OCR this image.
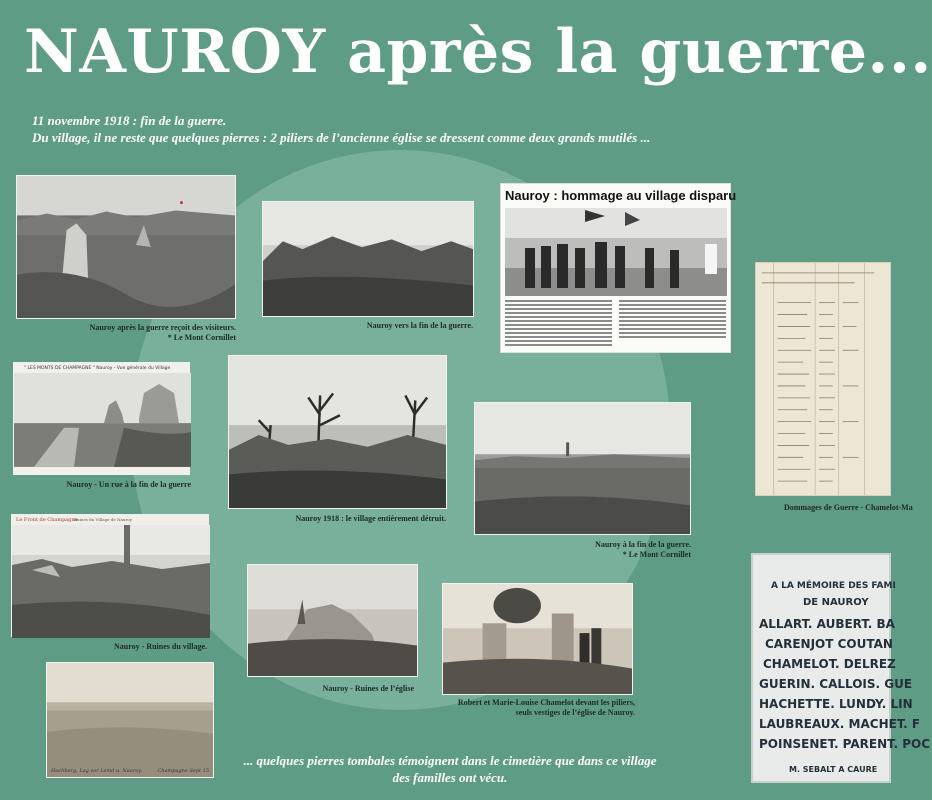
NAUROY après la guerre...
11 novembre 1918 : fin de la guerre.
Du village, il ne reste que quelques pierres : 2 piliers de l’ancienne église se dressent comme deux grands mutilés ...
Nauroy après la guerre reçoit des visiteurs.
* Le Mont Cornillet
Nauroy vers la fin de la guerre.
Nauroy : hommage au village disparu
Dommages de Guerre - Chamelot-Ma
" LES MONTS DE CHAMPAGNE " Nauroy - Vue générale du Village
Nauroy - Un rue à la fin de la guerre
Nauroy 1918 : le village entièrement détruit.
Nauroy à la fin de la guerre.
* Le Mont Cornillet
Le Front de Champagne
Ruines du Village de Nauroy
Nauroy - Ruines du village.
Nauroy - Ruines de l’église
Robert et Marie-Louise Chamelot devant les piliers,
seuls vestiges de l’église de Nauroy.
Hochberg, Lag vor Lemd u. Nauroy.	Champagne Sept 15
A LA MÉMOIRE DES FAMI
DE NAUROY
ALLART. AUBERT. BA
CARENJOT COUTAN
CHAMELOT. DELREZ
GUERIN. CALLOIS. GUE
HACHETTE. LUNDY. LIN
LAUBREAUX. MACHET. F
POINSENET. PARENT. POC
M. SEBALT A CAURE
... quelques pierres tombales témoignent dans le cimetière que dans ce village
des familles ont vécu.
